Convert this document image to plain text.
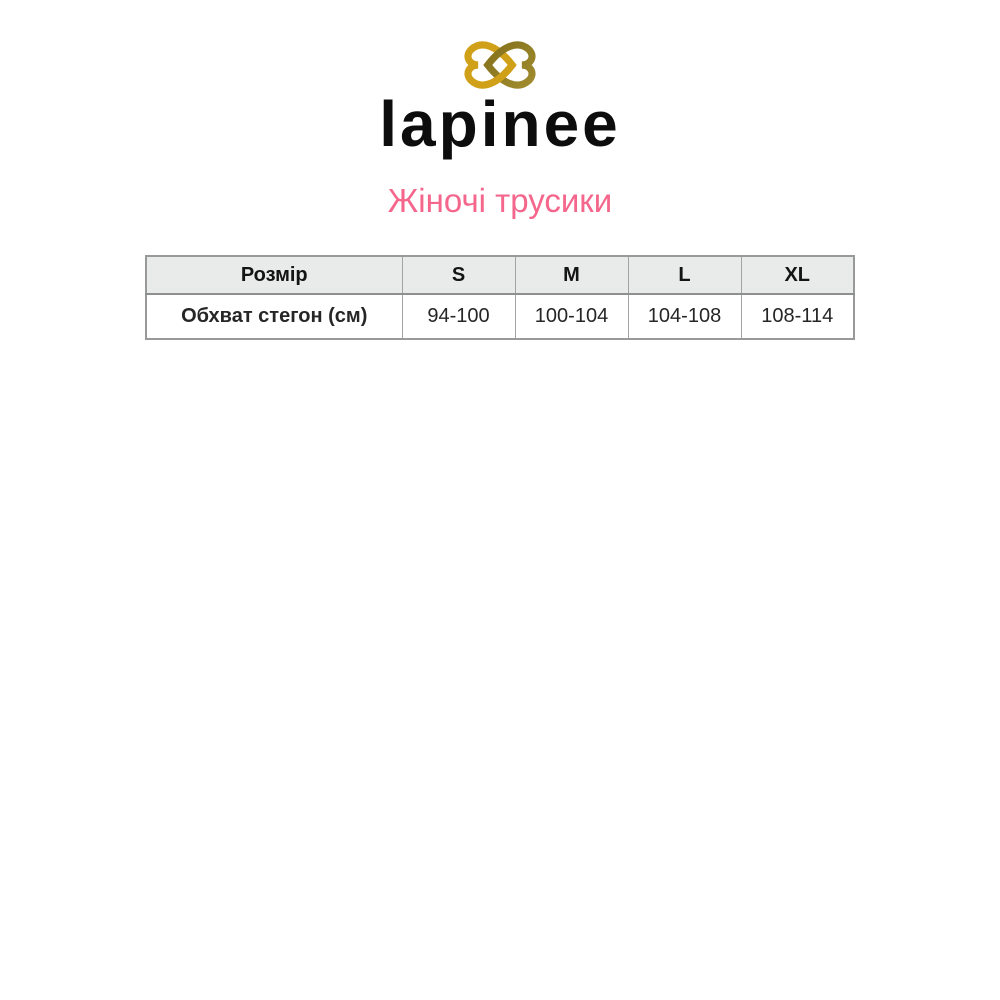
lapinee
Жіночі трусики
Розмір	S	M	L	XL
Обхват стегон (см)	94-100	100-104	104-108	108-114
